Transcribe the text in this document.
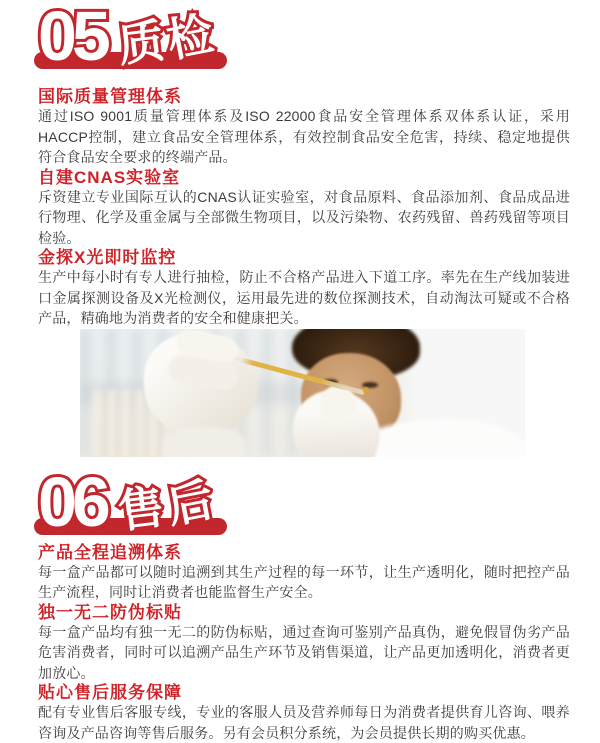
05 05 质 质
检 检
国际质量管理体系

通过ISO 9001质量管理体系及ISO 22000食品安全管理体系双体系认证，采用HACCP控制，建立食品安全管理体系，有效控制食品安全危害，持续、稳定地提供符合食品安全要求的终端产品。

自建CNAS实验室

斥资建立专业国际互认的CNAS认证实验室，对食品原料、食品添加剂、食品成品进行物理、化学及重金属与全部微生物项目，以及污染物、农药残留、兽药残留等项目检验。

金探X光即时监控

生产中每小时有专人进行抽检，防止不合格产品进入下道工序。率先在生产线加装进口金属探测设备及X光检测仪，运用最先进的数位探测技术，自动淘汰可疑或不合格产品，精确地为消费者的安全和健康把关。

06 06 售 售
后 后
产品全程追溯体系

每一盒产品都可以随时追溯到其生产过程的每一环节，让生产透明化，随时把控产品生产流程，同时让消费者也能监督生产安全。

独一无二防伪标贴

每一盒产品均有独一无二的防伪标贴，通过查询可鉴别产品真伪，避免假冒伪劣产品危害消费者，同时可以追溯产品生产环节及销售渠道，让产品更加透明化，消费者更加放心。

贴心售后服务保障

配有专业售后客服专线，专业的客服人员及营养师每日为消费者提供育儿咨询、喂养咨询及产品咨询等售后服务。另有会员积分系统，为会员提供长期的购买优惠。
